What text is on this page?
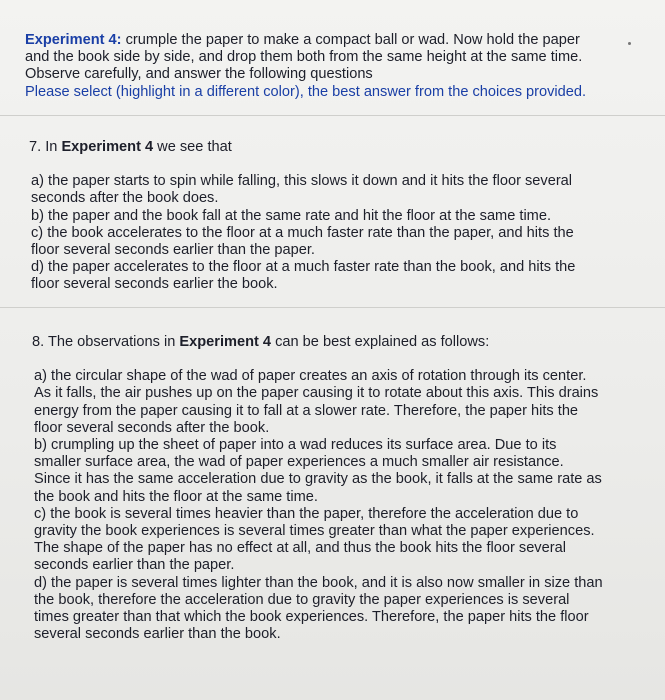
Experiment 4: crumple the paper to make a compact ball or wad. Now hold the paper
and the book side by side, and drop them both from the same height at the same time.
Observe carefully, and answer the following questions
Please select (highlight in a different color), the best answer from the choices provided.
7. In Experiment 4 we see that
a) the paper starts to spin while falling, this slows it down and it hits the floor several
seconds after the book does.
b) the paper and the book fall at the same rate and hit the floor at the same time.
c) the book accelerates to the floor at a much faster rate than the paper, and hits the
floor several seconds earlier than the paper.
d) the paper accelerates to the floor at a much faster rate than the book, and hits the
floor several seconds earlier the book.
8. The observations in Experiment 4 can be best explained as follows:
a) the circular shape of the wad of paper creates an axis of rotation through its center.
As it falls, the air pushes up on the paper causing it to rotate about this axis. This drains
energy from the paper causing it to fall at a slower rate. Therefore, the paper hits the
floor several seconds after the book.
b) crumpling up the sheet of paper into a wad reduces its surface area. Due to its
smaller surface area, the wad of paper experiences a much smaller air resistance.
Since it has the same acceleration due to gravity as the book, it falls at the same rate as
the book and hits the floor at the same time.
c) the book is several times heavier than the paper, therefore the acceleration due to
gravity the book experiences is several times greater than what the paper experiences.
The shape of the paper has no effect at all, and thus the book hits the floor several
seconds earlier than the paper.
d) the paper is several times lighter than the book, and it is also now smaller in size than
the book, therefore the acceleration due to gravity the paper experiences is several
times greater than that which the book experiences. Therefore, the paper hits the floor
several seconds earlier than the book.
